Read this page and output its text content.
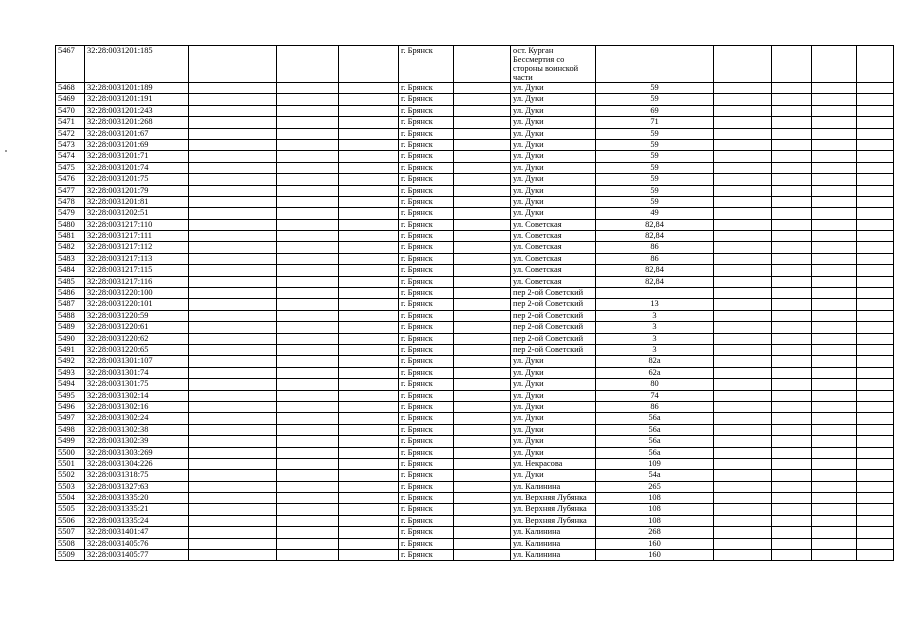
5467	32:28:0031201:185				г. Брянск		ост. Курган Бессмертия со стороны воинской части					
5468	32:28:0031201:189				г. Брянск		ул. Дуки	59				
5469	32:28:0031201:191				г. Брянск		ул. Дуки	59				
5470	32:28:0031201:243				г. Брянск		ул. Дуки	69				
5471	32:28:0031201:268				г. Брянск		ул. Дуки	71				
5472	32:28:0031201:67				г. Брянск		ул. Дуки	59				
5473	32:28:0031201:69				г. Брянск		ул. Дуки	59				
5474	32:28:0031201:71				г. Брянск		ул. Дуки	59				
5475	32:28:0031201:74				г. Брянск		ул. Дуки	59				
5476	32:28:0031201:75				г. Брянск		ул. Дуки	59				
5477	32:28:0031201:79				г. Брянск		ул. Дуки	59				
5478	32:28:0031201:81				г. Брянск		ул. Дуки	59				
5479	32:28:0031202:51				г. Брянск		ул. Дуки	49				
5480	32:28:0031217:110				г. Брянск		ул. Советская	82,84				
5481	32:28:0031217:111				г. Брянск		ул. Советская	82,84				
5482	32:28:0031217:112				г. Брянск		ул. Советская	86				
5483	32:28:0031217:113				г. Брянск		ул. Советская	86				
5484	32:28:0031217:115				г. Брянск		ул. Советская	82,84				
5485	32:28:0031217:116				г. Брянск		ул. Советская	82,84				
5486	32:28:0031220:100				г. Брянск		пер 2-ой Советский					
5487	32:28:0031220:101				г. Брянск		пер 2-ой Советский	13				
5488	32:28:0031220:59				г. Брянск		пер 2-ой Советский	3				
5489	32:28:0031220:61				г. Брянск		пер 2-ой Советский	3				
5490	32:28:0031220:62				г. Брянск		пер 2-ой Советский	3				
5491	32:28:0031220:65				г. Брянск		пер 2-ой Советский	3				
5492	32:28:0031301:107				г. Брянск		ул. Дуки	82а				
5493	32:28:0031301:74				г. Брянск		ул. Дуки	62а				
5494	32:28:0031301:75				г. Брянск		ул. Дуки	80				
5495	32:28:0031302:14				г. Брянск		ул. Дуки	74				
5496	32:28:0031302:16				г. Брянск		ул. Дуки	86				
5497	32:28:0031302:24				г. Брянск		ул. Дуки	56а				
5498	32:28:0031302:38				г. Брянск		ул. Дуки	56а				
5499	32:28:0031302:39				г. Брянск		ул. Дуки	56а				
5500	32:28:0031303:269				г. Брянск		ул. Дуки	56а				
5501	32:28:0031304:226				г. Брянск		ул. Некрасова	109				
5502	32:28:0031318:75				г. Брянск		ул. Дуки	54а				
5503	32:28:0031327:63				г. Брянск		ул. Калинина	265				
5504	32:28:0031335:20				г. Брянск		ул. Верхняя Лубянка	108				
5505	32:28:0031335:21				г. Брянск		ул. Верхняя Лубянка	108				
5506	32:28:0031335:24				г. Брянск		ул. Верхняя Лубянка	108				
5507	32:28:0031401:47				г. Брянск		ул. Калинина	268				
5508	32:28:0031405:76				г. Брянск		ул. Калинина	160				
5509	32:28:0031405:77				г. Брянск		ул. Калинина	160				
